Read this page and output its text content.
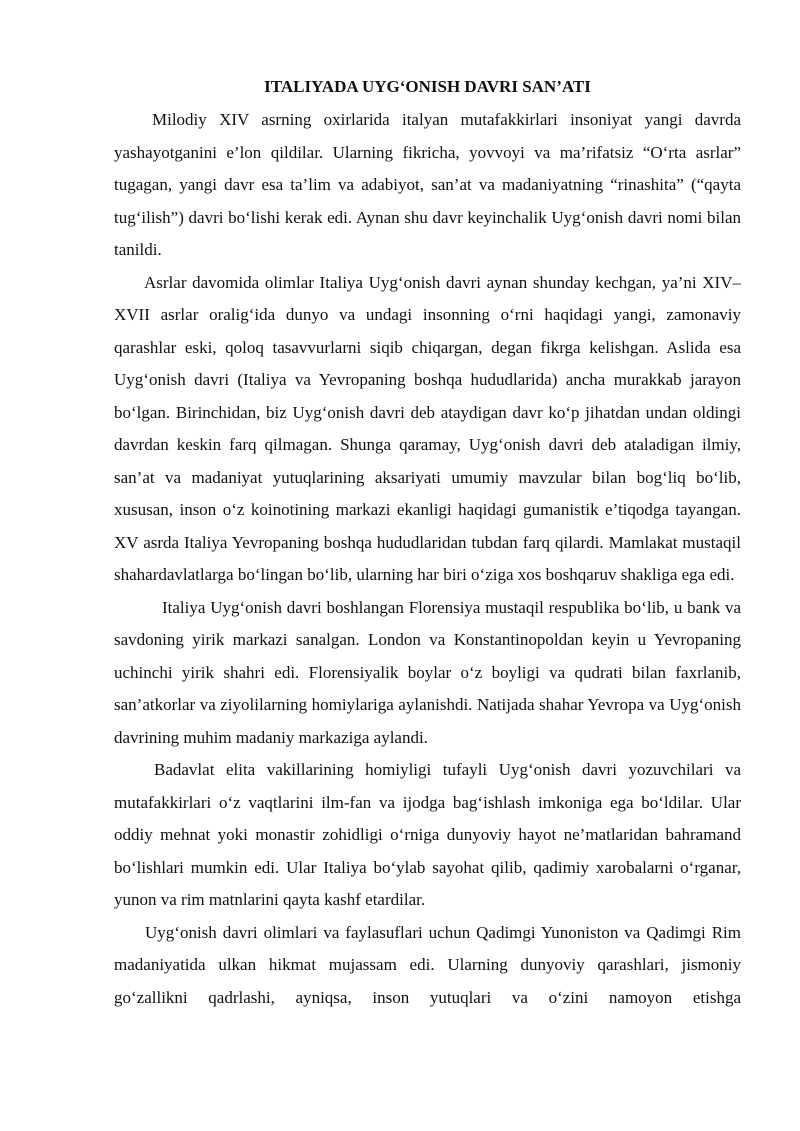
ITALIYADA UYG‘ONISH DAVRI SAN’ATI

Milodiy XIV asrning oxirlarida italyan mutafakkirlari insoniyat yangi davrda yashayotganini e’lon qildilar. Ularning fikricha, yovvoyi va ma’rifatsiz “O‘rta asrlar” tugagan, yangi davr esa ta’lim va adabiyot, san’at va madaniyatning “rinashita” (“qayta tug‘ilish”) davri bo‘lishi kerak edi. Aynan shu davr keyinchalik Uyg‘onish davri nomi bilan tanildi.

Asrlar davomida olimlar Italiya Uyg‘onish davri aynan shunday kechgan, ya’ni XIV–XVII asrlar oralig‘ida dunyo va undagi insonning o‘rni haqidagi yangi, zamonaviy qarashlar eski, qoloq tasavvurlarni siqib chiqargan, degan fikrga kelishgan. Aslida esa Uyg‘onish davri (Italiya va Yevropaning boshqa hududlarida) ancha murakkab jarayon bo‘lgan. Birinchidan, biz Uyg‘onish davri deb ataydigan davr ko‘p jihatdan undan oldingi davrdan keskin farq qilmagan. Shunga qaramay, Uyg‘onish davri deb ataladigan ilmiy, san’at va madaniyat yutuqlarining aksariyati umumiy mavzular bilan bog‘liq bo‘lib, xususan, inson o‘z koinotining markazi ekanligi haqidagi gumanistik e’tiqodga tayangan. XV asrda Italiya Yevropaning boshqa hududlaridan tubdan farq qilardi. Mamlakat mustaqil shahardavlatlarga bo‘lingan bo‘lib, ularning har biri o‘ziga xos boshqaruv shakliga ega edi.

Italiya Uyg‘onish davri boshlangan Florensiya mustaqil respublika bo‘lib, u bank va savdoning yirik markazi sanalgan. London va Konstantinopoldan keyin u Yevropaning uchinchi yirik shahri edi. Florensiyalik boylar o‘z boyligi va qudrati bilan faxrlanib, san’atkorlar va ziyolilarning homiylariga aylanishdi. Natijada shahar Yevropa va Uyg‘onish davrining muhim madaniy markaziga aylandi.

Badavlat elita vakillarining homiyligi tufayli Uyg‘onish davri yozuvchilari va mutafakkirlari o‘z vaqtlarini ilm-fan va ijodga bag‘ishlash imkoniga ega bo‘ldilar. Ular oddiy mehnat yoki monastir zohidligi o‘rniga dunyoviy hayot ne’matlaridan bahramand bo‘lishlari mumkin edi. Ular Italiya bo‘ylab sayohat qilib, qadimiy xarobalarni o‘rganar, yunon va rim matnlarini qayta kashf etardilar.

Uyg‘onish davri olimlari va faylasuflari uchun Qadimgi Yunoniston va Qadimgi Rim madaniyatida ulkan hikmat mujassam edi. Ularning dunyoviy qarashlari, jismoniy go‘zallikni qadrlashi, ayniqsa, inson yutuqlari va o‘zini namoyon etishga
